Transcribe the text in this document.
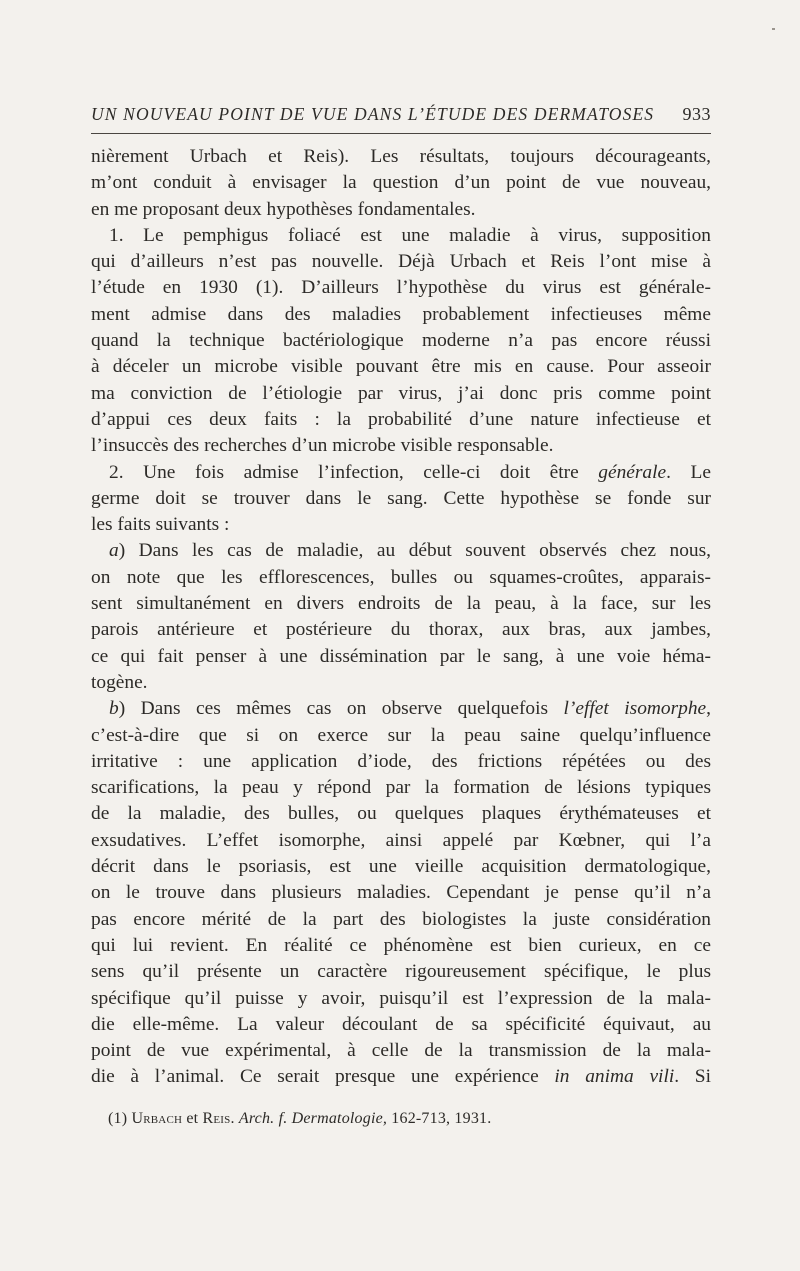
UN NOUVEAU POINT DE VUE DANS L’ÉTUDE DES DERMATOSES 933
nièrement Urbach et Reis). Les résultats, toujours décourageants,
m’ont conduit à envisager la question d’un point de vue nouveau,
en me proposant deux hypothèses fondamentales.
1. Le pemphigus foliacé est une maladie à virus, supposition
qui d’ailleurs n’est pas nouvelle. Déjà Urbach et Reis l’ont mise à
l’étude en 1930 (1). D’ailleurs l’hypothèse du virus est générale-
ment admise dans des maladies probablement infectieuses même
quand la technique bactériologique moderne n’a pas encore réussi
à déceler un microbe visible pouvant être mis en cause. Pour asseoir
ma conviction de l’étiologie par virus, j’ai donc pris comme point
d’appui ces deux faits : la probabilité d’une nature infectieuse et
l’insuccès des recherches d’un microbe visible responsable.
2. Une fois admise l’infection, celle-ci doit être générale. Le
germe doit se trouver dans le sang. Cette hypothèse se fonde sur
les faits suivants :
a) Dans les cas de maladie, au début souvent observés chez nous,
on note que les efflorescences, bulles ou squames-croûtes, apparais-
sent simultanément en divers endroits de la peau, à la face, sur les
parois antérieure et postérieure du thorax, aux bras, aux jambes,
ce qui fait penser à une dissémination par le sang, à une voie héma-
togène.
b) Dans ces mêmes cas on observe quelquefois l’effet isomorphe,
c’est-à-dire que si on exerce sur la peau saine quelqu’influence
irritative : une application d’iode, des frictions répétées ou des
scarifications, la peau y répond par la formation de lésions typiques
de la maladie, des bulles, ou quelques plaques érythémateuses et
exsudatives. L’effet isomorphe, ainsi appelé par Kœbner, qui l’a
décrit dans le psoriasis, est une vieille acquisition dermatologique,
on le trouve dans plusieurs maladies. Cependant je pense qu’il n’a
pas encore mérité de la part des biologistes la juste considération
qui lui revient. En réalité ce phénomène est bien curieux, en ce
sens qu’il présente un caractère rigoureusement spécifique, le plus
spécifique qu’il puisse y avoir, puisqu’il est l’expression de la mala-
die elle-même. La valeur découlant de sa spécificité équivaut, au
point de vue expérimental, à celle de la transmission de la mala-
die à l’animal. Ce serait presque une expérience in anima vili. Si
(1) Urbach et Reis. Arch. f. Dermatologie, 162-713, 1931.
